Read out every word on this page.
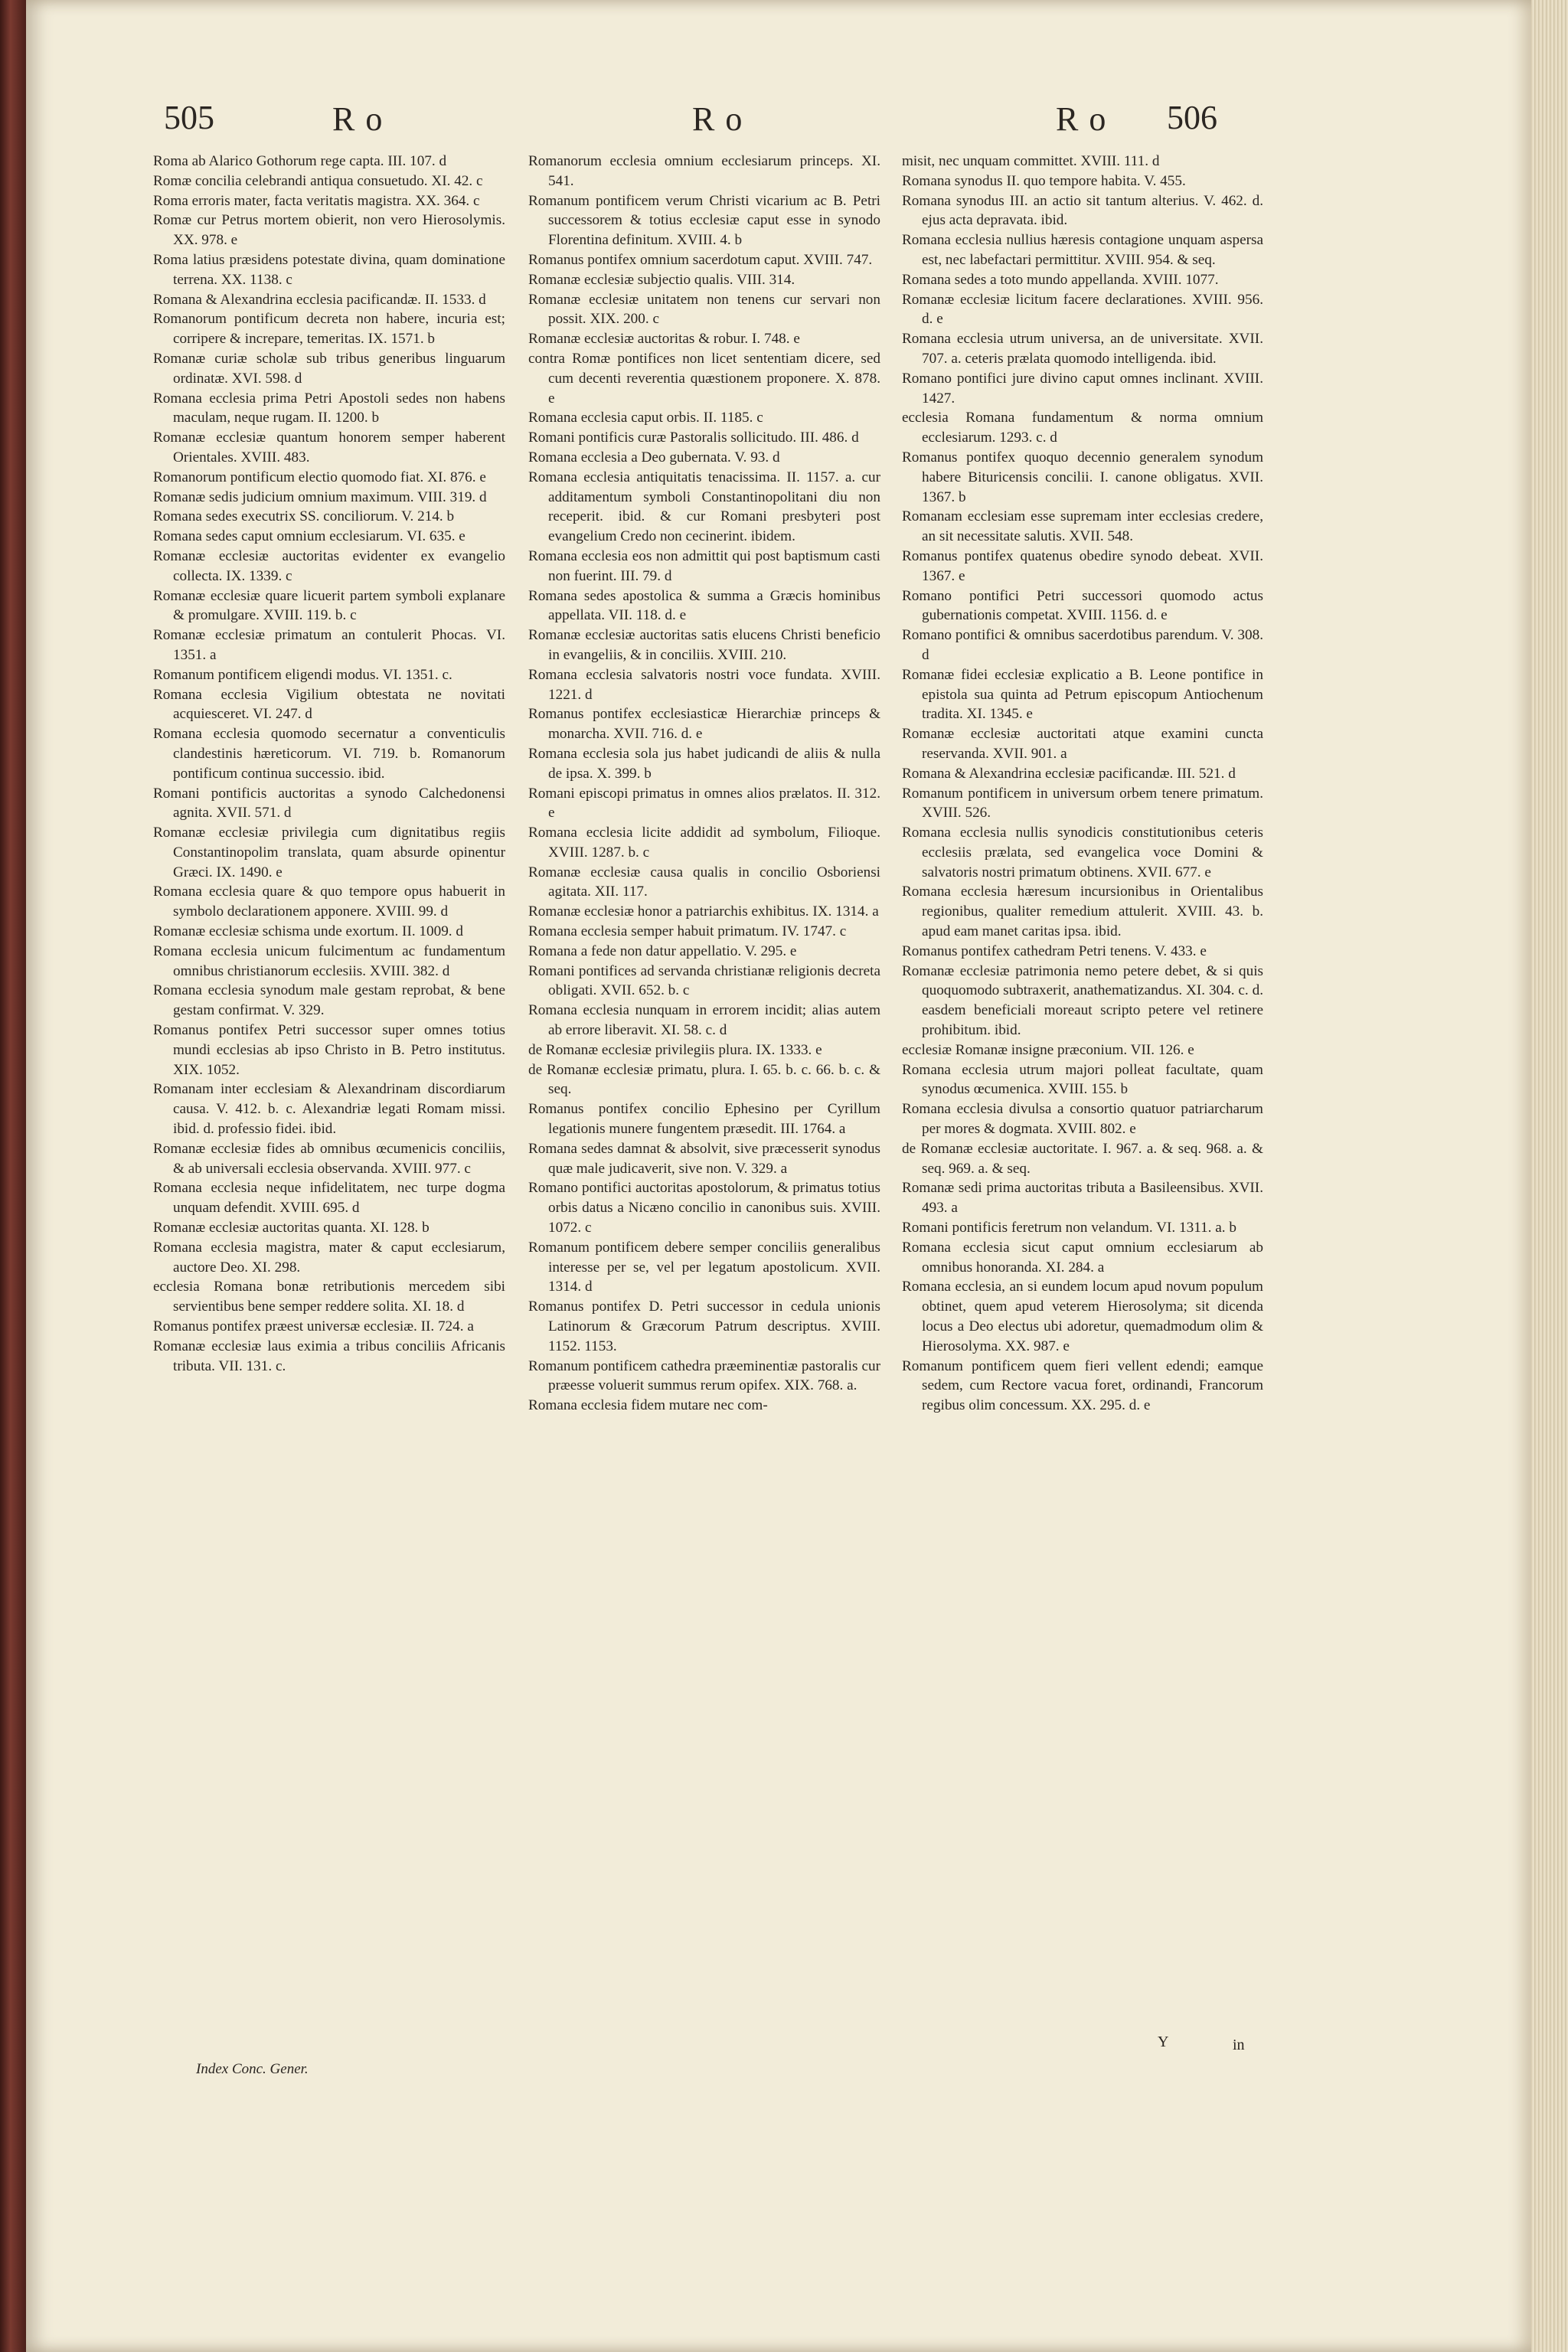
505	Ro	Ro	Ro 506

Roma ab Alarico Gothorum rege capta. III. 107. d

Romæ concilia celebrandi antiqua consuetudo. XI. 42. c

Roma erroris mater, facta veritatis magistra. XX. 364. c

Romæ cur Petrus mortem obierit, non vero Hierosolymis. XX. 978. e

Roma latius præsidens potestate divina, quam dominatione terrena. XX. 1138. c

Romana & Alexandrina ecclesia pacificandæ. II. 1533. d

Romanorum pontificum decreta non habere, incuria est; corripere & increpare, temeritas. IX. 1571. b

Romanæ curiæ scholæ sub tribus generibus linguarum ordinatæ. XVI. 598. d

Romana ecclesia prima Petri Apostoli sedes non habens maculam, neque rugam. II. 1200. b

Romanæ ecclesiæ quantum honorem semper haberent Orientales. XVIII. 483.

Romanorum pontificum electio quomodo fiat. XI. 876. e

Romanæ sedis judicium omnium maximum. VIII. 319. d

Romana sedes executrix SS. conciliorum. V. 214. b

Romana sedes caput omnium ecclesiarum. VI. 635. e

Romanæ ecclesiæ auctoritas evidenter ex evangelio collecta. IX. 1339. c

Romanæ ecclesiæ quare licuerit partem symboli explanare & promulgare. XVIII. 119. b. c

Romanæ ecclesiæ primatum an contulerit Phocas. VI. 1351. a

Romanum pontificem eligendi modus. VI. 1351. c.

Romana ecclesia Vigilium obtestata ne novitati acquiesceret. VI. 247. d

Romana ecclesia quomodo secernatur a conventiculis clandestinis hæreticorum. VI. 719. b. Romanorum pontificum continua successio. ibid.

Romani pontificis auctoritas a synodo Calchedonensi agnita. XVII. 571. d

Romanæ ecclesiæ privilegia cum dignitatibus regiis Constantinopolim translata, quam absurde opinentur Græci. IX. 1490. e

Romana ecclesia quare & quo tempore opus habuerit in symbolo declarationem apponere. XVIII. 99. d

Romanæ ecclesiæ schisma unde exortum. II. 1009. d

Romana ecclesia unicum fulcimentum ac fundamentum omnibus christianorum ecclesiis. XVIII. 382. d

Romana ecclesia synodum male gestam reprobat, & bene gestam confirmat. V. 329.

Romanus pontifex Petri successor super omnes totius mundi ecclesias ab ipso Christo in B. Petro institutus. XIX. 1052.

Romanam inter ecclesiam & Alexandrinam discordiarum causa. V. 412. b. c. Alexandriæ legati Romam missi. ibid. d. professio fidei. ibid.

Romanæ ecclesiæ fides ab omnibus œcumenicis conciliis, & ab universali ecclesia observanda. XVIII. 977. c

Romana ecclesia neque infidelitatem, nec turpe dogma unquam defendit. XVIII. 695. d

Romanæ ecclesiæ auctoritas quanta. XI. 128. b

Romana ecclesia magistra, mater & caput ecclesiarum, auctore Deo. XI. 298.

ecclesia Romana bonæ retributionis mercedem sibi servientibus bene semper reddere solita. XI. 18. d

Romanus pontifex præest universæ ecclesiæ. II. 724. a

Romanæ ecclesiæ laus eximia a tribus conciliis Africanis tributa. VII. 131. c.

Romanorum ecclesia omnium ecclesiarum princeps. XI. 541.

Romanum pontificem verum Christi vicarium ac B. Petri successorem & totius ecclesiæ caput esse in synodo Florentina definitum. XVIII. 4. b

Romanus pontifex omnium sacerdotum caput. XVIII. 747.

Romanæ ecclesiæ subjectio qualis. VIII. 314.

Romanæ ecclesiæ unitatem non tenens cur servari non possit. XIX. 200. c

Romanæ ecclesiæ auctoritas & robur. I. 748. e

contra Romæ pontifices non licet sententiam dicere, sed cum decenti reverentia quæstionem proponere. X. 878. e

Romana ecclesia caput orbis. II. 1185. c

Romani pontificis curæ Pastoralis sollicitudo. III. 486. d

Romana ecclesia a Deo gubernata. V. 93. d

Romana ecclesia antiquitatis tenacissima. II. 1157. a. cur additamentum symboli Constantinopolitani diu non receperit. ibid. & cur Romani presbyteri post evangelium Credo non cecinerint. ibidem.

Romana ecclesia eos non admittit qui post baptismum casti non fuerint. III. 79. d

Romana sedes apostolica & summa a Græcis hominibus appellata. VII. 118. d. e

Romanæ ecclesiæ auctoritas satis elucens Christi beneficio in evangeliis, & in conciliis. XVIII. 210.

Romana ecclesia salvatoris nostri voce fundata. XVIII. 1221. d

Romanus pontifex ecclesiasticæ Hierarchiæ princeps & monarcha. XVII. 716. d. e

Romana ecclesia sola jus habet judicandi de aliis & nulla de ipsa. X. 399. b

Romani episcopi primatus in omnes alios prælatos. II. 312. e

Romana ecclesia licite addidit ad symbolum, Filioque. XVIII. 1287. b. c

Romanæ ecclesiæ causa qualis in concilio Osboriensi agitata. XII. 117.

Romanæ ecclesiæ honor a patriarchis exhibitus. IX. 1314. a

Romana ecclesia semper habuit primatum. IV. 1747. c

Romana a fede non datur appellatio. V. 295. e

Romani pontifices ad servanda christianæ religionis decreta obligati. XVII. 652. b. c

Romana ecclesia nunquam in errorem incidit; alias autem ab errore liberavit. XI. 58. c. d

de Romanæ ecclesiæ privilegiis plura. IX. 1333. e

de Romanæ ecclesiæ primatu, plura. I. 65. b. c. 66. b. c. & seq.

Romanus pontifex concilio Ephesino per Cyrillum legationis munere fungentem præsedit. III. 1764. a

Romana sedes damnat & absolvit, sive præcesserit synodus quæ male judicaverit, sive non. V. 329. a

Romano pontifici auctoritas apostolorum, & primatus totius orbis datus a Nicæno concilio in canonibus suis. XVIII. 1072. c

Romanum pontificem debere semper conciliis generalibus interesse per se, vel per legatum apostolicum. XVII. 1314. d

Romanus pontifex D. Petri successor in cedula unionis Latinorum & Græcorum Patrum descriptus. XVIII. 1152. 1153.

Romanum pontificem cathedra præeminentiæ pastoralis cur præesse voluerit summus rerum opifex. XIX. 768. a.

Romana ecclesia fidem mutare nec com-

misit, nec unquam committet. XVIII. 111. d

Romana synodus II. quo tempore habita. V. 455.

Romana synodus III. an actio sit tantum alterius. V. 462. d. ejus acta depravata. ibid.

Romana ecclesia nullius hæresis contagione unquam aspersa est, nec labefactari permittitur. XVIII. 954. & seq.

Romana sedes a toto mundo appellanda. XVIII. 1077.

Romanæ ecclesiæ licitum facere declarationes. XVIII. 956. d. e

Romana ecclesia utrum universa, an de universitate. XVII. 707. a. ceteris prælata quomodo intelligenda. ibid.

Romano pontifici jure divino caput omnes inclinant. XVIII. 1427.

ecclesia Romana fundamentum & norma omnium ecclesiarum. 1293. c. d

Romanus pontifex quoquo decennio generalem synodum habere Bituricensis concilii. I. canone obligatus. XVII. 1367. b

Romanam ecclesiam esse supremam inter ecclesias credere, an sit necessitate salutis. XVII. 548.

Romanus pontifex quatenus obedire synodo debeat. XVII. 1367. e

Romano pontifici Petri successori quomodo actus gubernationis competat. XVIII. 1156. d. e

Romano pontifici & omnibus sacerdotibus parendum. V. 308. d

Romanæ fidei ecclesiæ explicatio a B. Leone pontifice in epistola sua quinta ad Petrum episcopum Antiochenum tradita. XI. 1345. e

Romanæ ecclesiæ auctoritati atque examini cuncta reservanda. XVII. 901. a

Romana & Alexandrina ecclesiæ pacificandæ. III. 521. d

Romanum pontificem in universum orbem tenere primatum. XVIII. 526.

Romana ecclesia nullis synodicis constitutionibus ceteris ecclesiis prælata, sed evangelica voce Domini & salvatoris nostri primatum obtinens. XVII. 677. e

Romana ecclesia hæresum incursionibus in Orientalibus regionibus, qualiter remedium attulerit. XVIII. 43. b. apud eam manet caritas ipsa. ibid.

Romanus pontifex cathedram Petri tenens. V. 433. e

Romanæ ecclesiæ patrimonia nemo petere debet, & si quis quoquomodo subtraxerit, anathematizandus. XI. 304. c. d. easdem beneficiali moreaut scripto petere vel retinere prohibitum. ibid.

ecclesiæ Romanæ insigne præconium. VII. 126. e

Romana ecclesia utrum majori polleat facultate, quam synodus œcumenica. XVIII. 155. b

Romana ecclesia divulsa a consortio quatuor patriarcharum per mores & dogmata. XVIII. 802. e

de Romanæ ecclesiæ auctoritate. I. 967. a. & seq. 968. a. & seq. 969. a. & seq.

Romanæ sedi prima auctoritas tributa a Basileensibus. XVII. 493. a

Romani pontificis feretrum non velandum. VI. 1311. a. b

Romana ecclesia sicut caput omnium ecclesiarum ab omnibus honoranda. XI. 284. a

Romana ecclesia, an si eundem locum apud novum populum obtinet, quem apud veterem Hierosolyma; sit dicenda locus a Deo electus ubi adoretur, quemadmodum olim & Hierosolyma. XX. 987. e

Romanum pontificem quem fieri vellent edendi; eamque sedem, cum Rectore vacua foret, ordinandi, Francorum regibus olim concessum. XX. 295. d. e

Index Conc. Gener.
Y	in
